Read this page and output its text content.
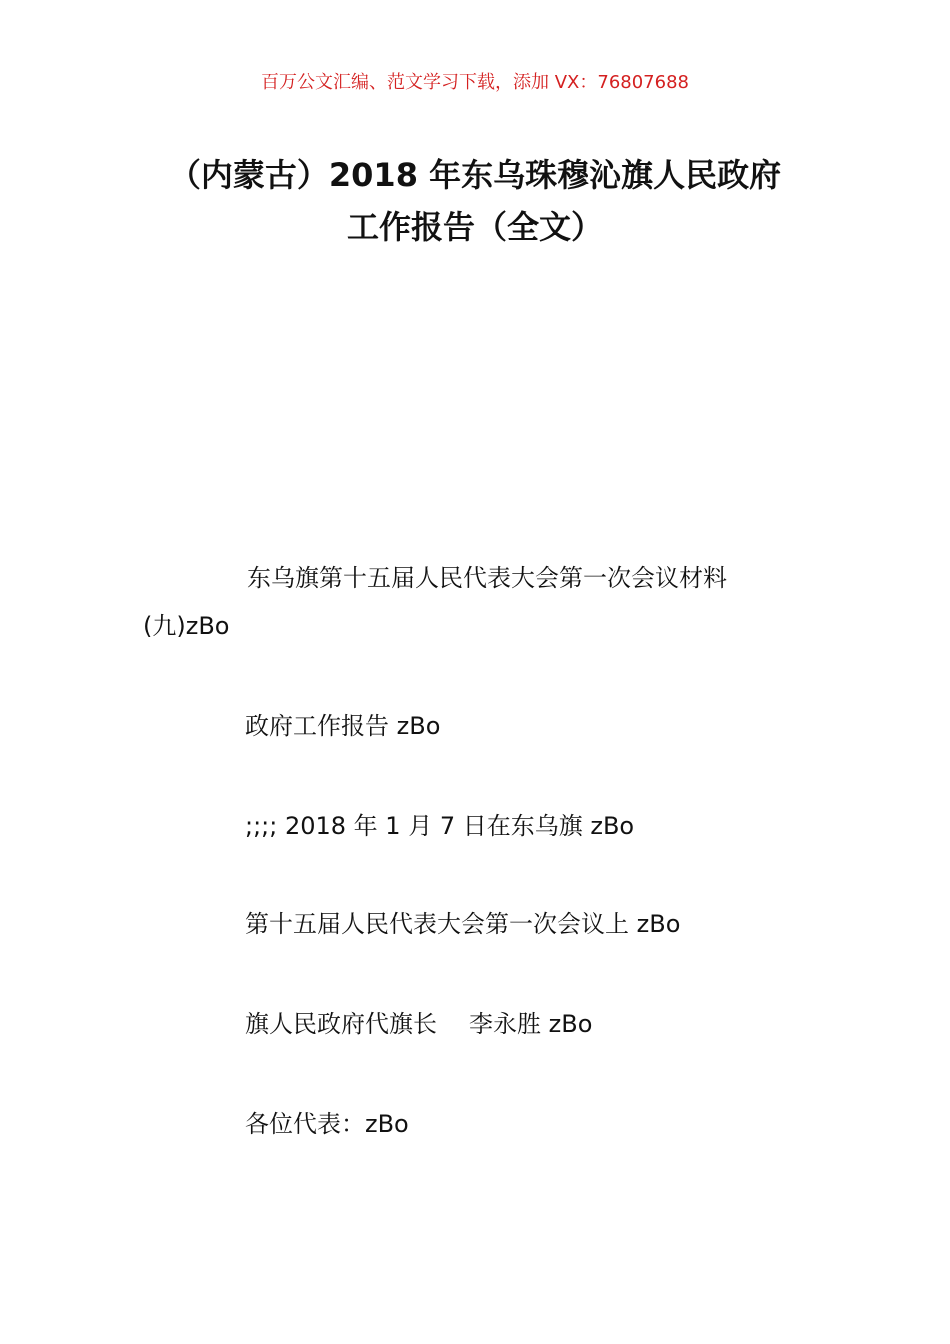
百万公文汇编、范文学习下载，添加 VX：76807688
（内蒙古）2018 年东乌珠穆沁旗人民政府
工作报告（全文）
东乌旗第十五届人民代表大会第一次会议材料
(九)zBo
政府工作报告 zBo
;;;; 2018 年 1 月 7 日在东乌旗 zBo
第十五届人民代表大会第一次会议上 zBo
旗人民政府代旗长 李永胜 zBo
各位代表：zBo
